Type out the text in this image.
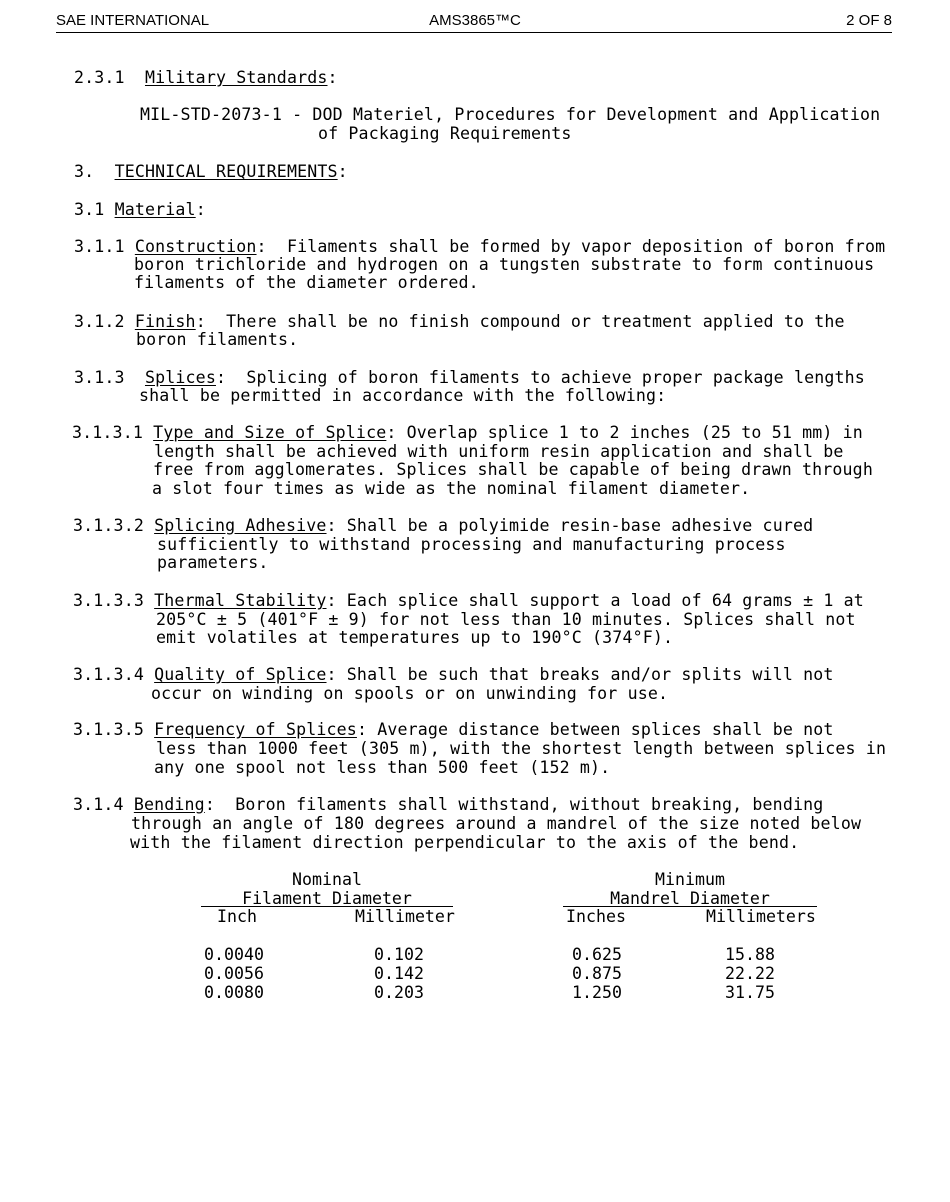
SAE INTERNATIONAL	AMS3865™C	2 OF 8
2.3.1 Military Standards:
MIL-STD-2073-1 - DOD Materiel, Procedures for Development and Application
of Packaging Requirements
3. TECHNICAL REQUIREMENTS:
3.1 Material:
3.1.1 Construction:  Filaments shall be formed by vapor deposition of boron from
boron trichloride and hydrogen on a tungsten substrate to form continuous
filaments of the diameter ordered.
3.1.2 Finish:  There shall be no finish compound or treatment applied to the
boron filaments.
3.1.3 Splices:  Splicing of boron filaments to achieve proper package lengths
shall be permitted in accordance with the following:
3.1.3.1 Type and Size of Splice: Overlap splice 1 to 2 inches (25 to 51 mm) in
length shall be achieved with uniform resin application and shall be
free from agglomerates. Splices shall be capable of being drawn through
a slot four times as wide as the nominal filament diameter.
3.1.3.2 Splicing Adhesive: Shall be a polyimide resin-base adhesive cured
sufficiently to withstand processing and manufacturing process
parameters.
3.1.3.3 Thermal Stability: Each splice shall support a load of 64 grams ± 1 at
205°C ± 5 (401°F ± 9) for not less than 10 minutes. Splices shall not
emit volatiles at temperatures up to 190°C (374°F).
3.1.3.4 Quality of Splice: Shall be such that breaks and/or splits will not
occur on winding on spools or on unwinding for use.
3.1.3.5 Frequency of Splices: Average distance between splices shall be not
less than 1000 feet (305 m), with the shortest length between splices in
any one spool not less than 500 feet (152 m).
3.1.4 Bending:  Boron filaments shall withstand, without breaking, bending
through an angle of 180 degrees around a mandrel of the size noted below
with the filament direction perpendicular to the axis of the bend.
Nominal
Filament Diameter
Minimum
Mandrel Diameter
Inch	Millimeter	Inches	Millimeters
0.0040	0.102	0.625	15.88
0.0056	0.142	0.875	22.22
0.0080	0.203	1.250	31.75
